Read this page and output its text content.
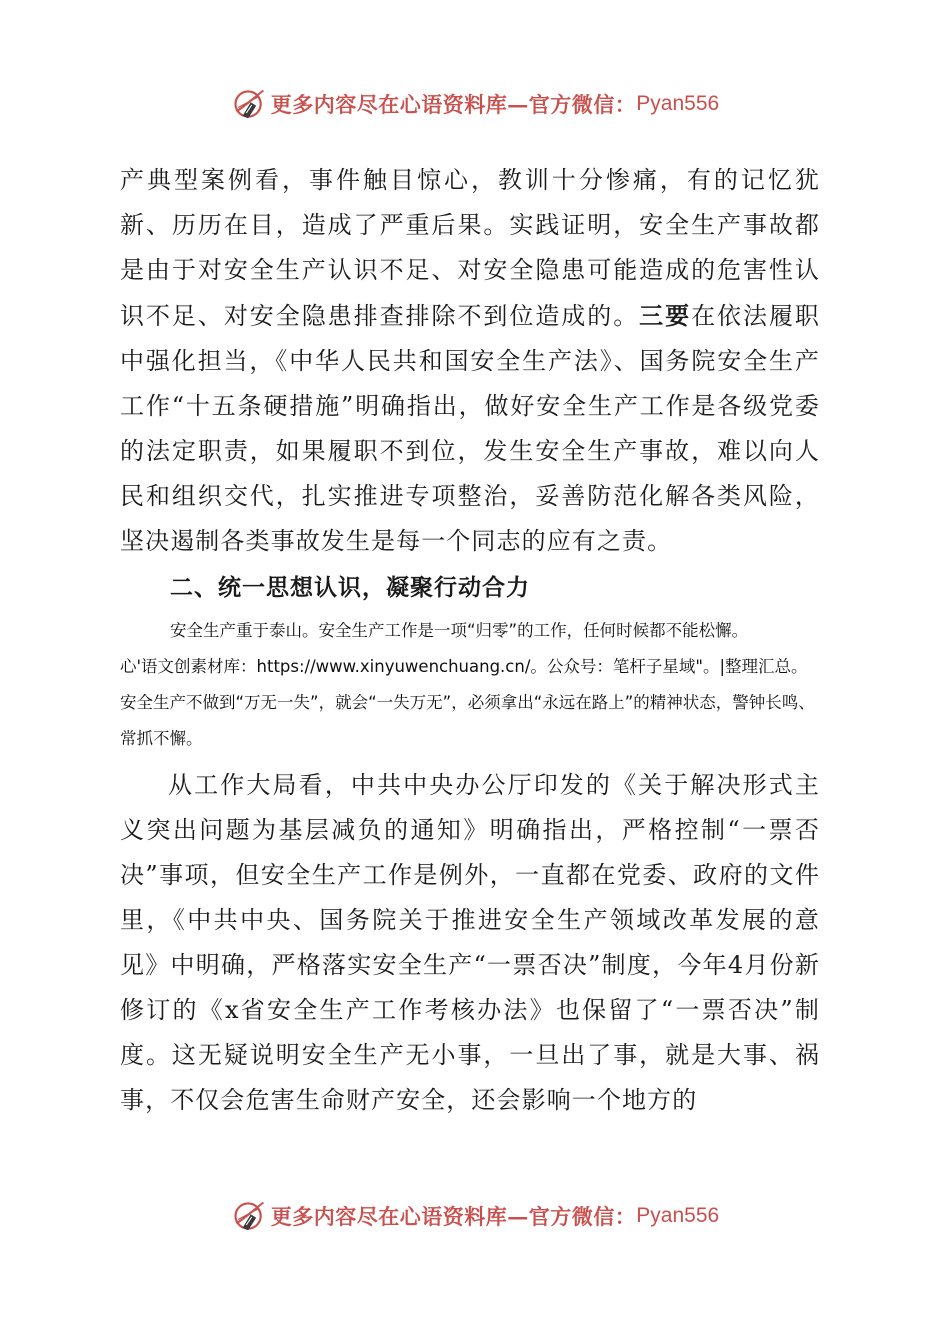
更多内容尽在心语资料库—官方微信： Pyan556

产典型案例看，事件触目惊心，教训十分惨痛，有的记忆犹新、历历在目，造成了严重后果。实践证明，安全生产事故都是由于对安全生产认识不足、对安全隐患可能造成的危害性认识不足、对安全隐患排查排除不到位造成的。三要在依法履职中强化担当，《中华人民共和国安全生产法》、国务院安全生产工作“十五条硬措施”明确指出，做好安全生产工作是各级党委的法定职责，如果履职不到位，发生安全生产事故，难以向人民和组织交代，扎实推进专项整治，妥善防范化解各类风险，坚决遏制各类事故发生是每一个同志的应有之责。

二、统一思想认识，凝聚行动合力

安全生产重于泰山。安全生产工作是一项“归零”的工作，任何时候都不能松懈。
心'语文创素材库：https://www.xinyuwenchuang.cn/。公众号：笔杆子星域"。|整理汇总。安全生产不做到“万无一失”，就会“一失万无”，必须拿出“永远在路上”的精神状态，警钟长鸣、常抓不懈。

从工作大局看，中共中央办公厅印发的《关于解决形式主义突出问题为基层减负的通知》明确指出，严格控制“一票否决”事项，但安全生产工作是例外，一直都在党委、政府的文件里，《中共中央、国务院关于推进安全生产领域改革发展的意见》中明确，严格落实安全生产“一票否决”制度，今年4月份新修订的《x省安全生产工作考核办法》也保留了“一票否决”制度。这无疑说明安全生产无小事，一旦出了事，就是大事、祸事，不仅会危害生命财产安全，还会影响一个地方的

更多内容尽在心语资料库—官方微信： Pyan556
